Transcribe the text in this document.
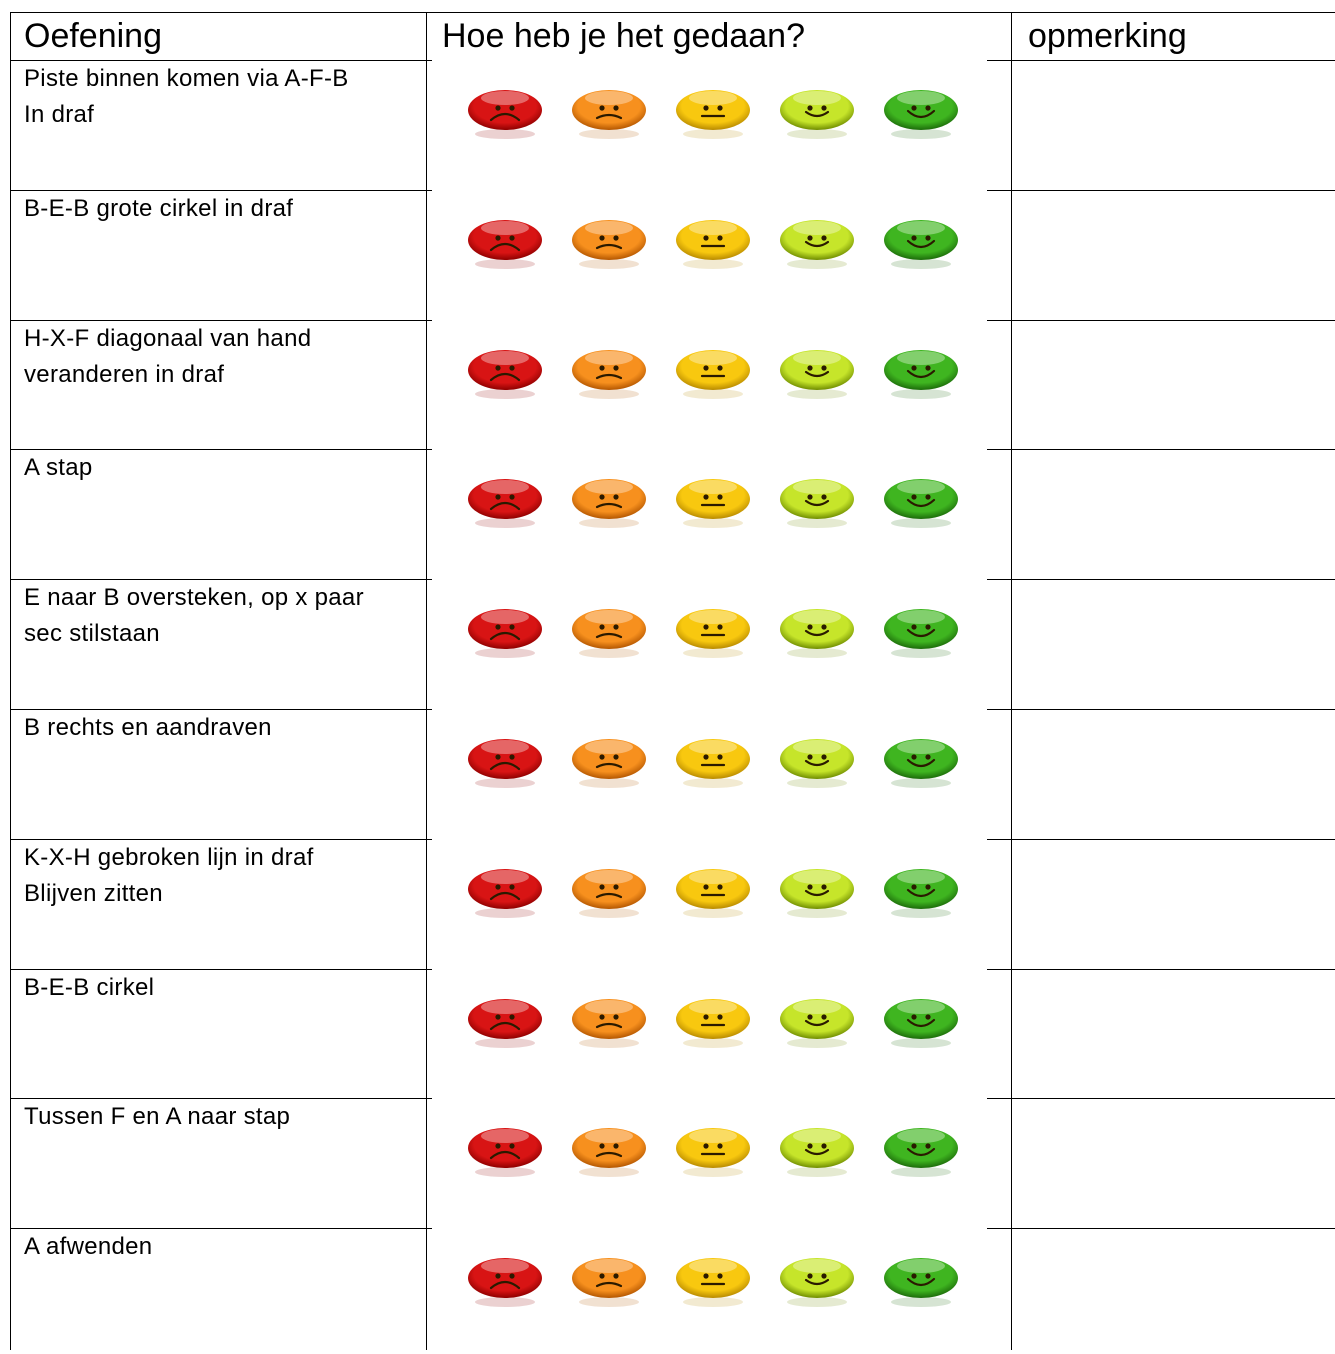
Oefening	Hoe heb je het gedaan?	opmerking
Piste binnen komen via A-F-B
In draf
B-E-B grote cirkel in draf
H-X-F diagonaal van hand
veranderen in draf
A stap
E naar B oversteken, op x paar
sec stilstaan
B rechts en aandraven
K-X-H gebroken lijn in draf
Blijven zitten
B-E-B cirkel
Tussen F en A naar stap
A afwenden
